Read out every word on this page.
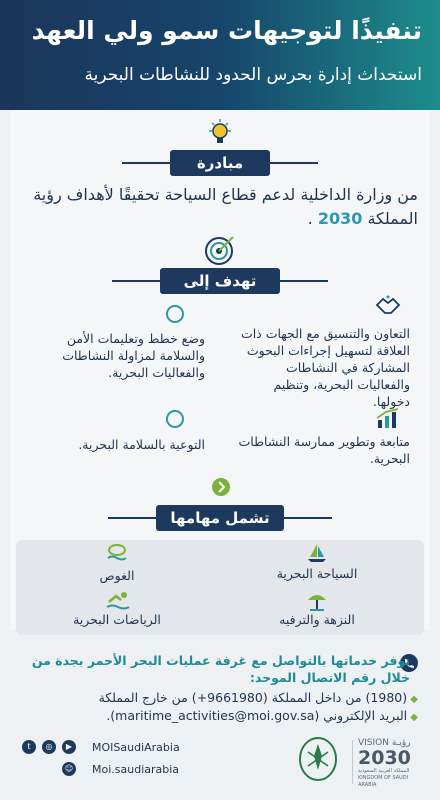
تنفيذًا لتوجيهات سمو ولي العهد
استحداث إدارة بحرس الحدود للنشاطات البحرية
مبادرة
من وزارة الداخلية لدعم قطاع السياحة تحقيقًا لأهداف رؤية
المملكة 2030 .
تهدف إلى
التعاون والتنسيق مع الجهات ذات العلاقة لتسهيل إجراءات البحوث المشاركة في النشاطات والفعاليات البحرية، وتنظيم دخولها.
وضع خطط وتعليمات الأمن والسلامة لمزاولة النشاطات والفعاليات البحرية.
متابعة وتطوير ممارسة النشاطات البحرية.
التوعية بالسلامة البحرية.
تشمل مهامها
السياحة البحرية
الغوص
النزهة والترفيه
الرياضات البحرية
توفر خدماتها بالتواصل مع غرفة عمليات البحر الأحمر بجدة من خلال رقم الاتصال الموحد:
◆ (1980) من داخل المملكة (9661980+) من خارج المملكة
◆ البريد الإلكتروني (maritime_activities@moi.gov.sa).
t	◎	▶	MOISaudiArabia
☺ Moi.saudiarabia
VISION رؤيـة
2030
المملكة العربية السعودية KINGDOM OF SAUDI ARABIA
